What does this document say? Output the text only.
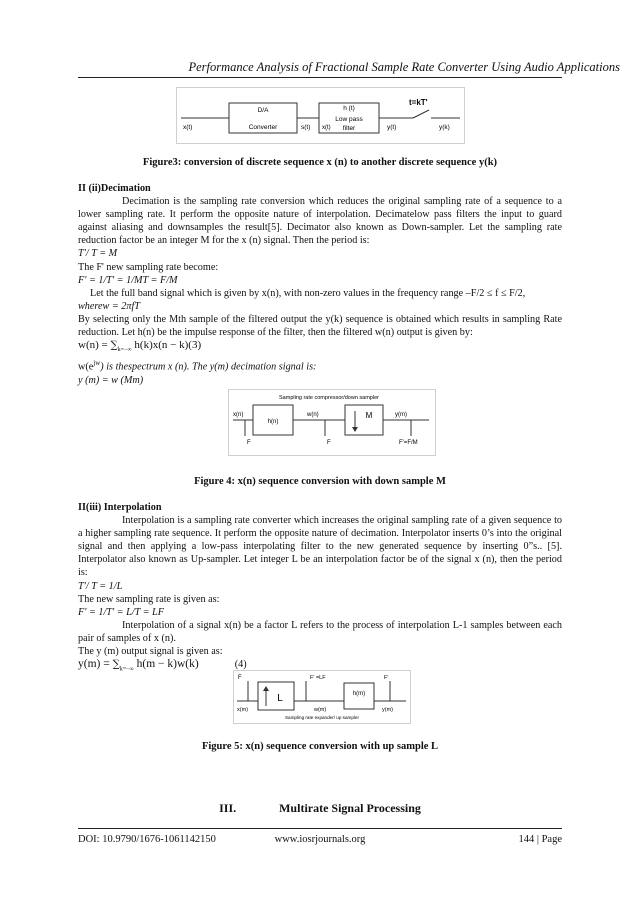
Performance Analysis of Fractional Sample Rate Converter Using Audio Applications
D/A
Converter
h (t)
Low pass
filter
t=kT'
x(t)	s(t) x(t)	y(t)	y(k)
Figure3: conversion of discrete sequence x (n) to another discrete sequence y(k)

II (ii)Decimation

Decimation is the sampling rate conversion which reduces the original sampling rate of a sequence to a lower sampling rate. It perform the opposite nature of interpolation. Decimatelow pass filters the input to guard against aliasing and downsamples the result[5]. Decimator also known as Down-sampler. Let the sampling rate reduction factor be an integer M for the x (n) signal. Then the period is:

T'/ T = M

The F' new sampling rate become:

F' = 1/T' = 1/MT = F/M

Let the full band signal which is given by x(n), with non-zero values in the frequency range –F/2 ≤ f ≤ F/2,

wherew = 2πfT

By selecting only the Mth sample of the filtered output the y(k) sequence is obtained which results in sampling Rate reduction. Let h(n) be the impulse response of the filter, then the filtered w(n) output is given by:

$w(n) = \sum_{k=-\infty}$ h(k)x(n − k)(3)

$w(e^{jw})$ is thespectrum x (n). The y(m) decimation signal is:

y (m) = w (Mm)

Sampling rate compressor/down sampler
x(n)
h(n)
w(n)	M	y(m)
F	F	F'=F/M
Figure 4: x(n) sequence conversion with down sample M

II(iii) Interpolation

Interpolation is a sampling rate converter which increases the original sampling rate of a given sequence to a higher sampling rate sequence. It perform the opposite nature of decimation. Interpolator inserts 0’s into the original signal and then applying a low-pass interpolating filter to the new generated sequence by inserting 0”s.. [5]. Interpolator also known as Up-sampler. Let integer L be an interpolation factor be of the signal x (n), then the period is:

T'/ T = 1/L

The new sampling rate is given as:

F' = 1/T' = L/T = LF

Interpolation of a signal x(n) be a factor L refers to the process of interpolation L-1 samples between each pair of samples of x (n).

The y (m) output signal is given as:

$y(m) = \sum_{k=-\infty}$ h(m − k)w(k)	(4)

F	F' =LF	F'
L	h(m)
x(m)	w(m)	y(m)
Sampling rate expander/ up sampler
Figure 5: x(n) sequence conversion with up sample L
III.	Multirate Signal Processing
DOI: 10.9790/1676-1061142150	www.iosrjournals.org	144 | Page
